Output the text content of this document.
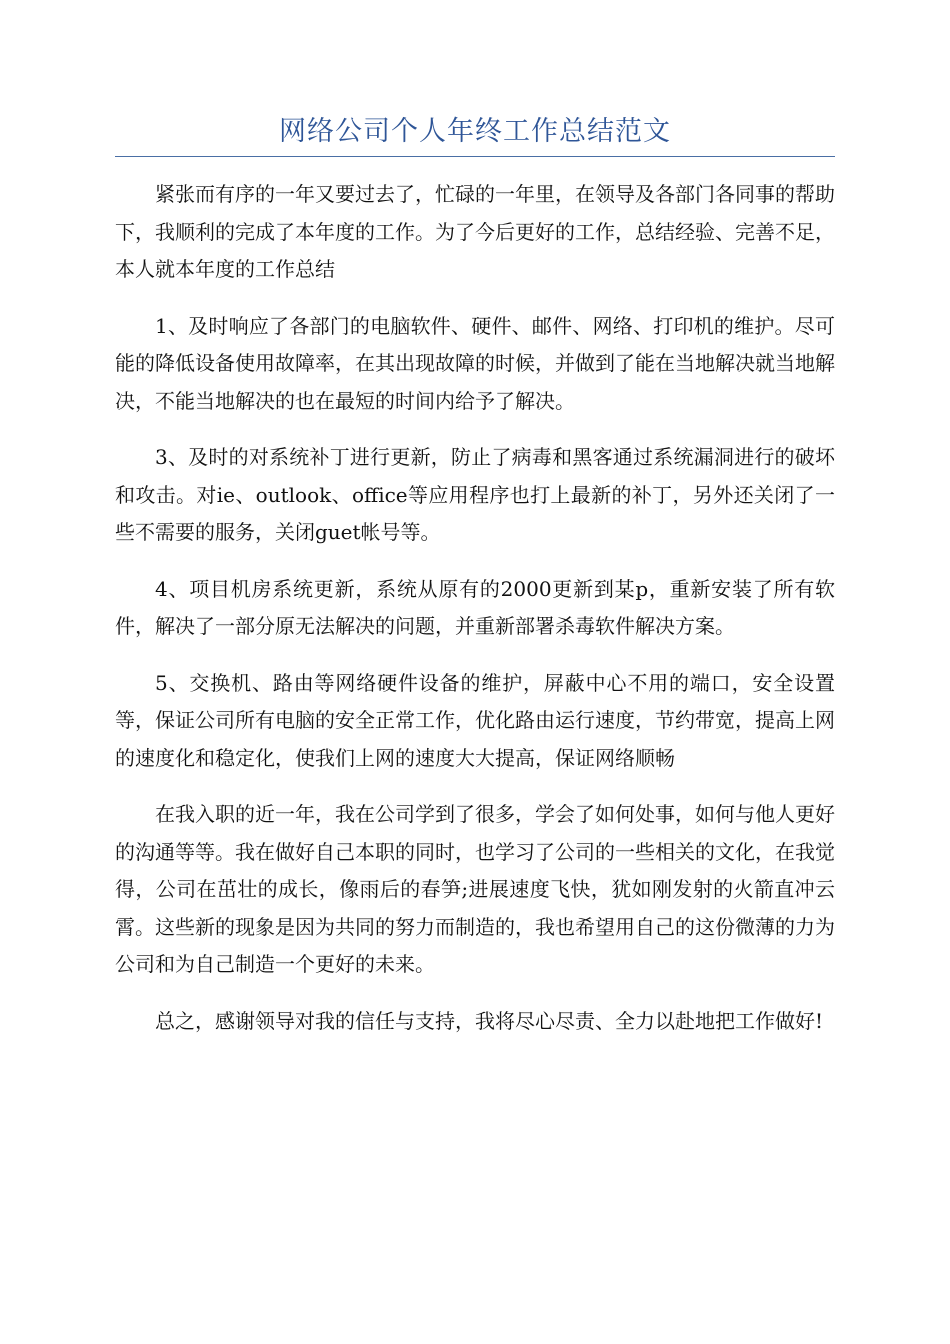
网络公司个人年终工作总结范文

紧张而有序的一年又要过去了，忙碌的一年里，在领导及各部门各同事的帮助下，我顺利的完成了本年度的工作。为了今后更好的工作，总结经验、完善不足，本人就本年度的工作总结

1、及时响应了各部门的电脑软件、硬件、邮件、网络、打印机的维护。尽可能的降低设备使用故障率，在其出现故障的时候，并做到了能在当地解决就当地解决，不能当地解决的也在最短的时间内给予了解决。

3、及时的对系统补丁进行更新，防止了病毒和黑客通过系统漏洞进行的破坏和攻击。对ie、outlook、office等应用程序也打上最新的补丁，另外还关闭了一些不需要的服务，关闭guet帐号等。

4、项目机房系统更新，系统从原有的2000更新到某p，重新安装了所有软件，解决了一部分原无法解决的问题，并重新部署杀毒软件解决方案。

5、交换机、路由等网络硬件设备的维护，屏蔽中心不用的端口，安全设置等，保证公司所有电脑的安全正常工作，优化路由运行速度，节约带宽，提高上网的速度化和稳定化，使我们上网的速度大大提高，保证网络顺畅

在我入职的近一年，我在公司学到了很多，学会了如何处事，如何与他人更好的沟通等等。我在做好自己本职的同时，也学习了公司的一些相关的文化，在我觉得，公司在茁壮的成长，像雨后的春笋;进展速度飞快，犹如刚发射的火箭直冲云霄。这些新的现象是因为共同的努力而制造的，我也希望用自己的这份微薄的力为公司和为自己制造一个更好的未来。

总之，感谢领导对我的信任与支持，我将尽心尽责、全力以赴地把工作做好!
